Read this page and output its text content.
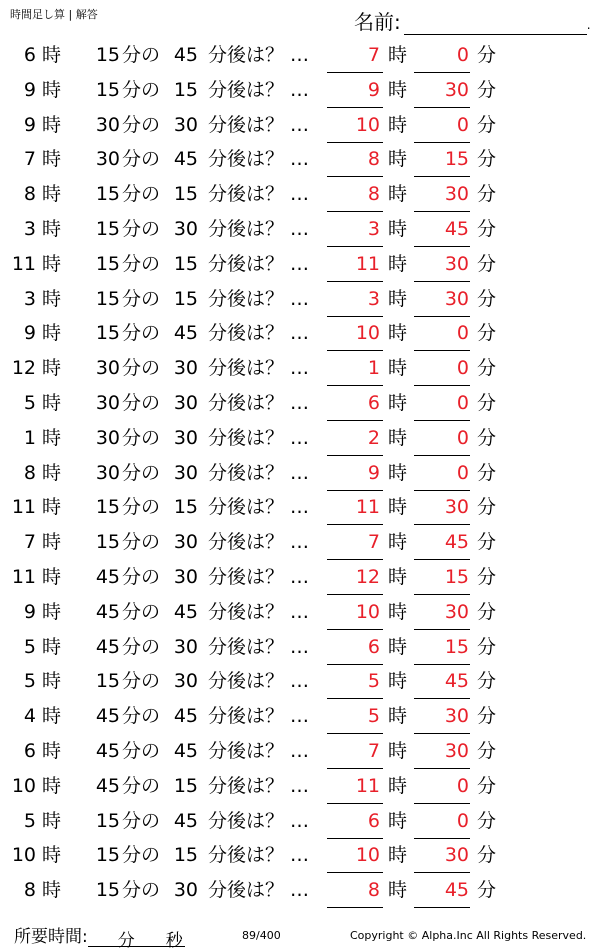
時間足し算 | 解答	名前:	.
6 時 15 分の 45 分後は？ …	7 時	0 分
9 時 15 分の 15 分後は？ …	9 時 30 分
9 時 30 分の 30 分後は？ … 10 時	0 分
7 時 30 分の 45 分後は？ …	8 時 15 分
8 時 15 分の 15 分後は？ …	8 時 30 分
3 時 15 分の 30 分後は？ …	3 時 45 分
11 時 15 分の 15 分後は？ … 11 時 30 分
3 時 15 分の 15 分後は？ …	3 時 30 分
9 時 15 分の 45 分後は？ … 10 時	0 分
12 時 30 分の 30 分後は？ …	1 時	0 分
5 時 30 分の 30 分後は？ …	6 時	0 分
1 時 30 分の 30 分後は？ …	2 時	0 分
8 時 30 分の 30 分後は？ …	9 時	0 分
11 時 15 分の 15 分後は？ … 11 時 30 分
7 時 15 分の 30 分後は？ …	7 時 45 分
11 時 45 分の 30 分後は？ … 12 時 15 分
9 時 45 分の 45 分後は？ … 10 時 30 分
5 時 45 分の 30 分後は？ …	6 時 15 分
5 時 15 分の 30 分後は？ …	5 時 45 分
4 時 45 分の 45 分後は？ …	5 時 30 分
6 時 45 分の 45 分後は？ …	7 時 30 分
10 時 45 分の 15 分後は？ … 11 時	0 分
5 時 15 分の 45 分後は？ …	6 時	0 分
10 時 15 分の 15 分後は？ … 10 時 30 分
8 時 15 分の 30 分後は？ …	8 時 45 分
所要時間: 分 秒	89/400	Copyright © Alpha.Inc All Rights Reserved.
